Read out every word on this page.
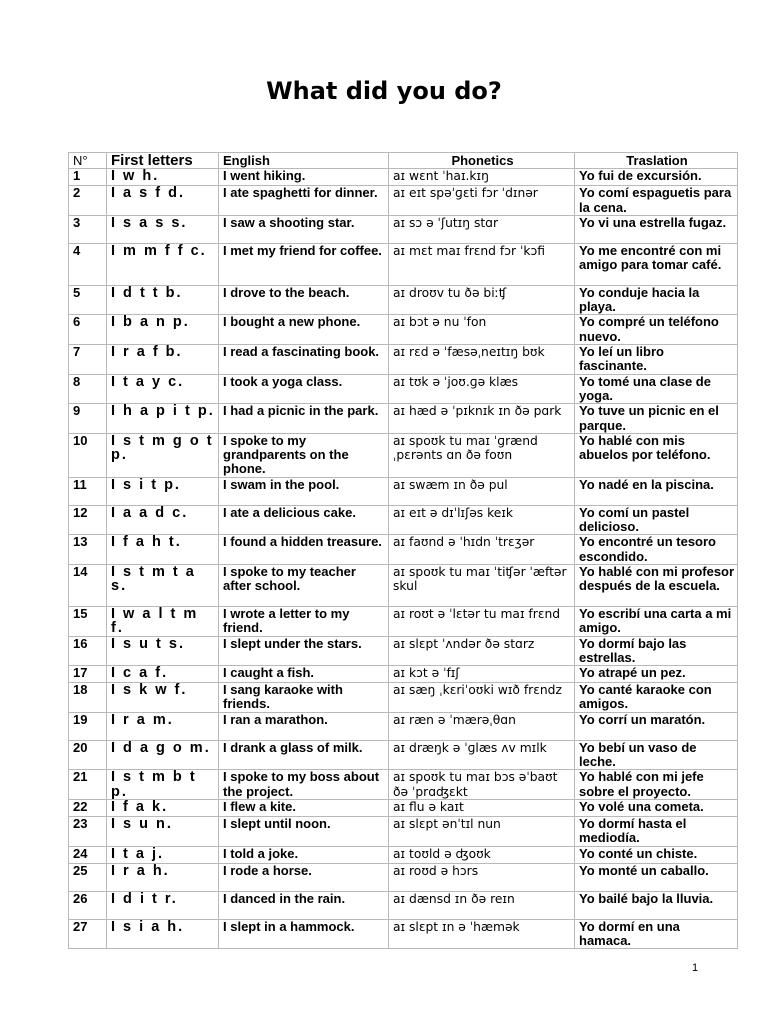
What did you do?
N°	First letters	English	Phonetics	Traslation
1	I w h.	I went hiking.	aɪ wɛnt ˈhaɪ.kɪŋ	Yo fui de excursión.
2	I a s f d.	I ate spaghetti for dinner.	aɪ eɪt spəˈɡɛti fɔr ˈdɪnər	Yo comí espaguetis para la cena.
3	I s a s s.	I saw a shooting star.	aɪ sɔ ə ˈʃutɪŋ stɑr	Yo vi una estrella fugaz.
4	I m m f f c.	I met my friend for coffee.	aɪ mɛt maɪ frɛnd fɔr ˈkɔfi	Yo me encontré con mi amigo para tomar café.
5	I d t t b.	I drove to the beach.	aɪ droʊv tu ðə biːʧ	Yo conduje hacia la playa.
6	I b a n p.	I bought a new phone.	aɪ bɔt ə nu ˈfon	Yo compré un teléfono nuevo.
7	I r a f b.	I read a fascinating book.	aɪ rɛd ə ˈfæsəˌneɪtɪŋ bʊk	Yo leí un libro fascinante.
8	I t a y c.	I took a yoga class.	aɪ tʊk ə ˈjoʊ.ɡə klæs	Yo tomé una clase de yoga.
9	I h a p i t p.	I had a picnic in the park.	aɪ hæd ə ˈpɪknɪk ɪn ðə pɑrk	Yo tuve un picnic en el parque.
10	I s t m g o t p.	I spoke to my grandparents on the phone.	aɪ spoʊk tu maɪ ˈɡrændˌpɛrənts ɑn ðə foʊn	Yo hablé con mis abuelos por teléfono.
11	I s i t p.	I swam in the pool.	aɪ swæm ɪn ðə pul	Yo nadé en la piscina.
12	I a a d c.	I ate a delicious cake.	aɪ eɪt ə dɪˈlɪʃəs keɪk	Yo comí un pastel delicioso.
13	I f a h t.	I found a hidden treasure.	aɪ faʊnd ə ˈhɪdn ˈtrɛʒər	Yo encontré un tesoro escondido.
14	I s t m t a s.	I spoke to my teacher after school.	aɪ spoʊk tu maɪ ˈtiʧər ˈæftər skul	Yo hablé con mi profesor después de la escuela.
15	I w a l t m f.	I wrote a letter to my friend.	aɪ roʊt ə ˈlɛtər tu maɪ frɛnd	Yo escribí una carta a mi amigo.
16	I s u t s.	I slept under the stars.	aɪ slɛpt ˈʌndər ðə stɑrz	Yo dormí bajo las estrellas.
17	I c a f.	I caught a fish.	aɪ kɔt ə ˈfɪʃ	Yo atrapé un pez.
18	I s k w f.	I sang karaoke with friends.	aɪ sæŋ ˌkɛriˈoʊki wɪð frɛndz	Yo canté karaoke con amigos.
19	I r a m.	I ran a marathon.	aɪ ræn ə ˈmærəˌθɑn	Yo corrí un maratón.
20	I d a g o m.	I drank a glass of milk.	aɪ dræŋk ə ˈɡlæs ʌv mɪlk	Yo bebí un vaso de leche.
21	I s t m b t p.	I spoke to my boss about the project.	aɪ spoʊk tu maɪ bɔs əˈbaʊt ðə ˈprɑʤɛkt	Yo hablé con mi jefe sobre el proyecto.
22	I f a k.	I flew a kite.	aɪ flu ə kaɪt	Yo volé una cometa.
23	I s u n.	I slept until noon.	aɪ slɛpt ənˈtɪl nun	Yo dormí hasta el mediodía.
24	I t a j.	I told a joke.	aɪ toʊld ə ʤoʊk	Yo conté un chiste.
25	I r a h.	I rode a horse.	aɪ roʊd ə hɔrs	Yo monté un caballo.
26	I d i t r.	I danced in the rain.	aɪ dænsd ɪn ðə reɪn	Yo bailé bajo la lluvia.
27	I s i a h.	I slept in a hammock.	aɪ slɛpt ɪn ə ˈhæmək	Yo dormí en una hamaca.
1
